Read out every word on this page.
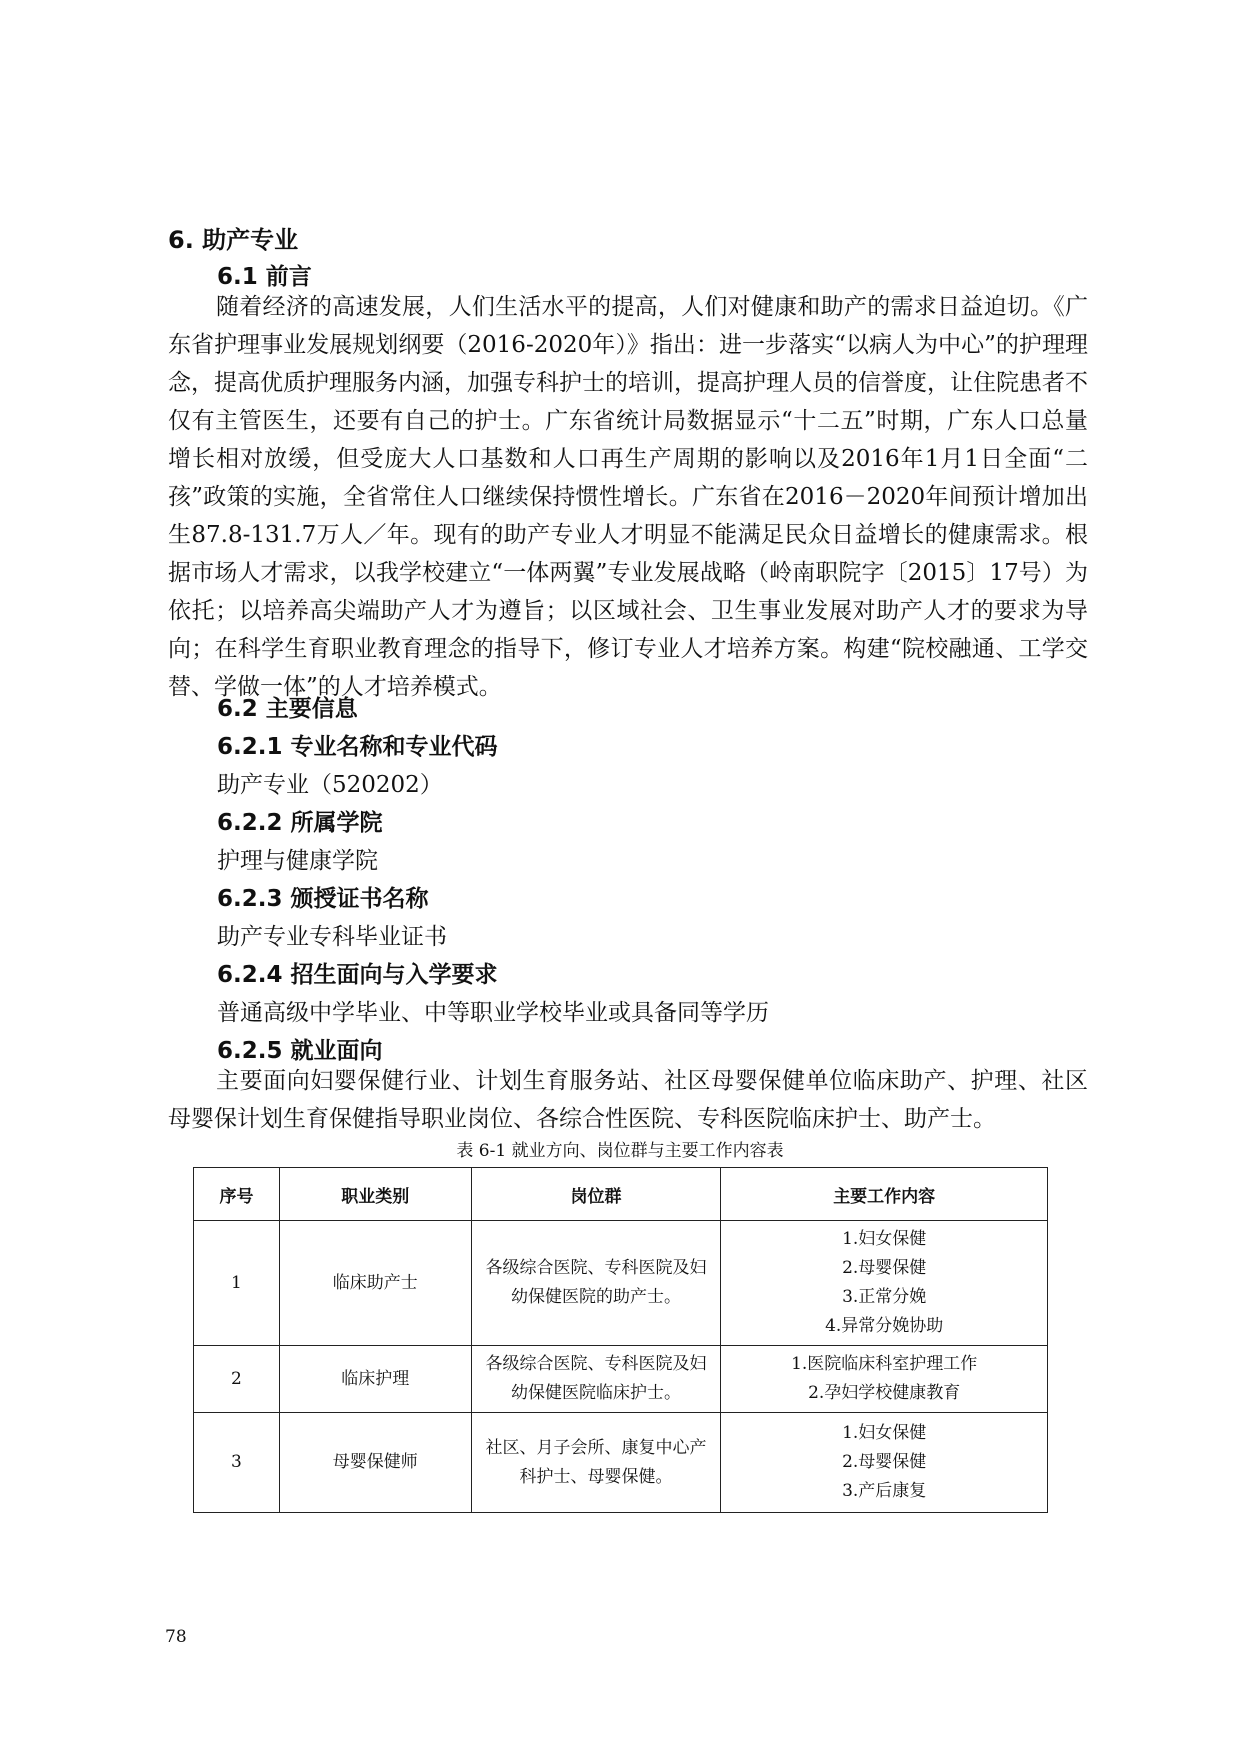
6. 助产专业
6.1 前言

随着经济的高速发展，人们生活水平的提高，人们对健康和助产的需求日益迫切。《广东省护理事业发展规划纲要（2016-2020年）》指出：进一步落实“以病人为中心”的护理理念，提高优质护理服务内涵，加强专科护士的培训，提高护理人员的信誉度，让住院患者不仅有主管医生，还要有自己的护士。广东省统计局数据显示“十二五”时期，广东人口总量增长相对放缓，但受庞大人口基数和人口再生产周期的影响以及2016年1月1日全面“二孩”政策的实施，全省常住人口继续保持惯性增长。广东省在2016－2020年间预计增加出生87.8-131.7万人／年。现有的助产专业人才明显不能满足民众日益增长的健康需求。根据市场人才需求，以我学校建立“一体两翼”专业发展战略（岭南职院字〔2015〕17号）为依托；以培养高尖端助产人才为遵旨；以区域社会、卫生事业发展对助产人才的要求为导向；在科学生育职业教育理念的指导下，修订专业人才培养方案。构建“院校融通、工学交替、学做一体”的人才培养模式。

6.2 主要信息
6.2.1 专业名称和专业代码
助产专业（520202）
6.2.2 所属学院
护理与健康学院
6.2.3 颁授证书名称
助产专业专科毕业证书
6.2.4 招生面向与入学要求
普通高级中学毕业、中等职业学校毕业或具备同等学历
6.2.5 就业面向

主要面向妇婴保健行业、计划生育服务站、社区母婴保健单位临床助产、护理、社区母婴保计划生育保健指导职业岗位、各综合性医院、专科医院临床护士、助产士。

表 6-1 就业方向、岗位群与主要工作内容表
序号	职业类别	岗位群	主要工作内容
1	临床助产士	各级综合医院、专科医院及妇幼保健医院的助产士。	1.妇女保健
2.母婴保健
3.正常分娩
4.异常分娩协助

2	临床护理	各级综合医院、专科医院及妇幼保健医院临床护士。	1.医院临床科室护理工作
2.孕妇学校健康教育

3	母婴保健师	社区、月子会所、康复中心产科护士、母婴保健。	1.妇女保健
2.母婴保健
3.产后康复
78
